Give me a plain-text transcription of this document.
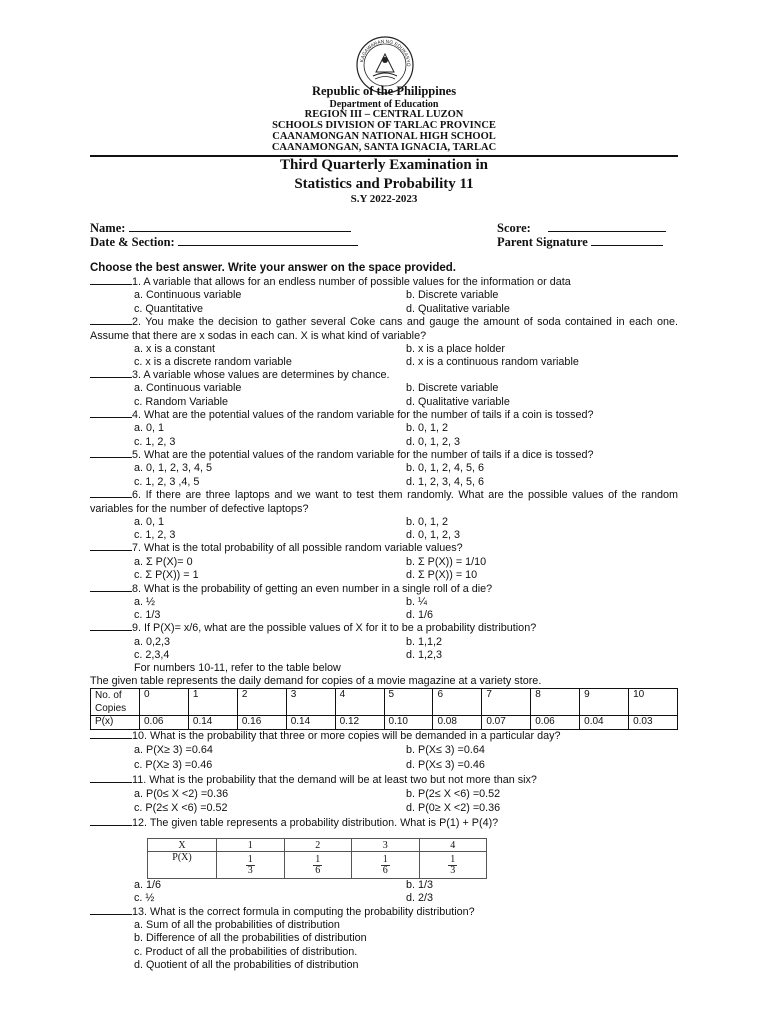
KAGAWARAN NG EDUKASYO
Republic of the Philippines
Department of Education
REGION III – CENTRAL LUZON
SCHOOLS DIVISION OF TARLAC PROVINCE
CAANAMONGAN NATIONAL HIGH SCHOOL
CAANAMONGAN, SANTA IGNACIA, TARLAC
Third Quarterly Examination in
Statistics and Probability 11
S.Y 2022-2023
Name:
Date & Section:
Score:
Parent Signature
Choose the best answer. Write your answer on the space provided.
1. A variable that allows for an endless number of possible values for the information or data
a. Continuous variable	b. Discrete variable
c. Quantitative	d. Qualitative variable
2. You make the decision to gather several Coke cans and gauge the amount of soda contained in each one. Assume that there are x sodas in each can. X is what kind of variable?
a. x is a constant	b. x is a place holder
c. x is a discrete random variable	d. x is a continuous random variable
3. A variable whose values are determines by chance.
a. Continuous variable	b. Discrete variable
c. Random Variable	d. Qualitative variable
4. What are the potential values of the random variable for the number of tails if a coin is tossed?
a. 0, 1	b. 0, 1, 2
c. 1, 2, 3	d. 0, 1, 2, 3
5. What are the potential values of the random variable for the number of tails if a dice is tossed?
a. 0, 1, 2, 3, 4, 5	b. 0, 1, 2, 4, 5, 6
c. 1, 2, 3 ,4, 5	d. 1, 2, 3, 4, 5, 6
6. If there are three laptops and we want to test them randomly. What are the possible values of the random variables for the number of defective laptops?
a. 0, 1	b. 0, 1, 2
c. 1, 2, 3	d. 0, 1, 2, 3
7. What is the total probability of all possible random variable values?
a. Σ P(X)= 0	b. Σ P(X)) = 1/10
c. Σ P(X)) = 1	d. Σ P(X)) = 10
8. What is the probability of getting an even number in a single roll of a die?
a. ½	b. ¼
c. 1/3	d. 1/6
9. If P(X)= x/6, what are the possible values of X for it to be a probability distribution?
a. 0,2,3	b. 1,1,2
c. 2,3,4	d. 1,2,3
For numbers 10-11, refer to the table below
The given table represents the daily demand for copies of a movie magazine at a variety store.
No. of Copies	0	1	2	3	4	5	6	7	8	9	10
P(x)	0.06	0.14	0.16	0.14	0.12	0.10	0.08	0.07	0.06	0.04	0.03
10. What is the probability that three or more copies will be demanded in a particular day?
a. P(X≥ 3) =0.64	b. P(X≤ 3) =0.64
c. P(X≥ 3) =0.46	d. P(X≤ 3) =0.46
11. What is the probability that the demand will be at least two but not more than six?
a. P(0≤ X <2) =0.36	b. P(2≤ X <6) =0.52
c. P(2≤ X <6) =0.52	d. P(0≥ X <2) =0.36
12. The given table represents a probability distribution. What is P(1) + P(4)?
X	1	2	3	4
P(X)	$\frac{1}{3}$	$\frac{1}{6}$	$\frac{1}{6}$	$\frac{1}{3}$
a. 1/6	b. 1/3
c. ½	d. 2/3
13. What is the correct formula in computing the probability distribution?
a. Sum of all the probabilities of distribution
b. Difference of all the probabilities of distribution
c. Product of all the probabilities of distribution.
d. Quotient of all the probabilities of distribution
